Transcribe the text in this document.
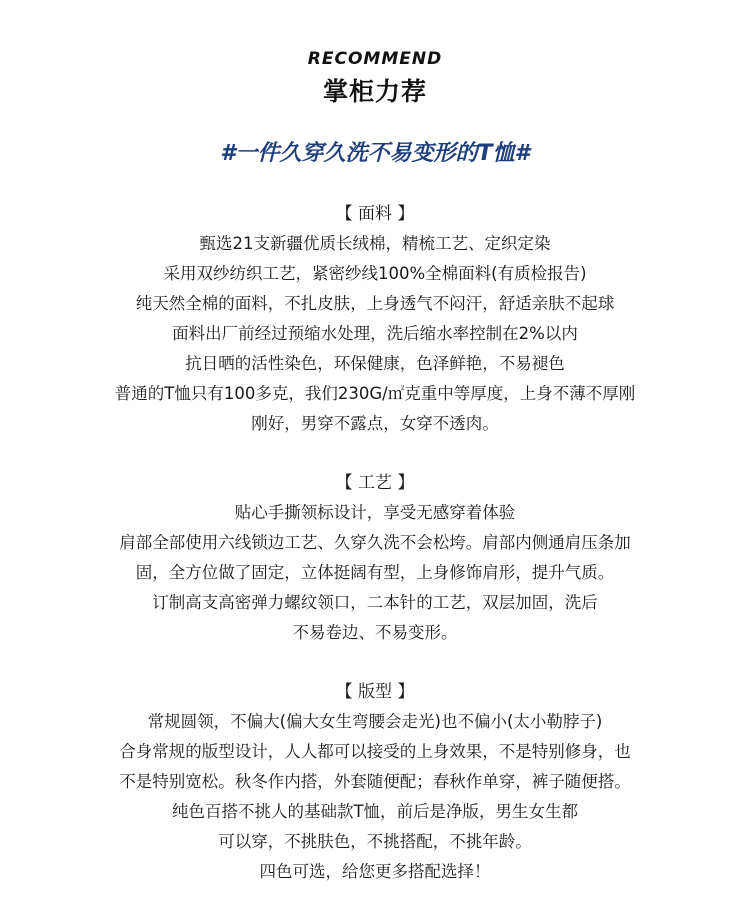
RECOMMEND
掌柜力荐
#一件久穿久洗不易变形的T恤#
【 面料 】
甄选21支新疆优质长绒棉，精梳工艺、定织定染
采用双纱纺织工艺，紧密纱线100%全棉面料(有质检报告)
纯天然全棉的面料，不扎皮肤，上身透气不闷汗，舒适亲肤不起球
面料出厂前经过预缩水处理，洗后缩水率控制在2%以内
抗日晒的活性染色，环保健康，色泽鲜艳，不易褪色
普通的T恤只有100多克，我们230G/㎡克重中等厚度，上身不薄不厚刚
刚好，男穿不露点，女穿不透肉。
【 工艺 】
贴心手撕领标设计，享受无感穿着体验
肩部全部使用六线锁边工艺、久穿久洗不会松垮。肩部内侧通肩压条加
固，全方位做了固定，立体挺阔有型，上身修饰肩形，提升气质。
订制高支高密弹力螺纹领口，二本针的工艺，双层加固，洗后
不易卷边、不易变形。
【 版型 】
常规圆领，不偏大(偏大女生弯腰会走光)也不偏小(太小勒脖子)
合身常规的版型设计，人人都可以接受的上身效果，不是特别修身，也
不是特别宽松。秋冬作内搭，外套随便配；春秋作单穿，裤子随便搭。
纯色百搭不挑人的基础款T恤，前后是净版，男生女生都
可以穿，不挑肤色，不挑搭配，不挑年龄。
四色可选，给您更多搭配选择！
